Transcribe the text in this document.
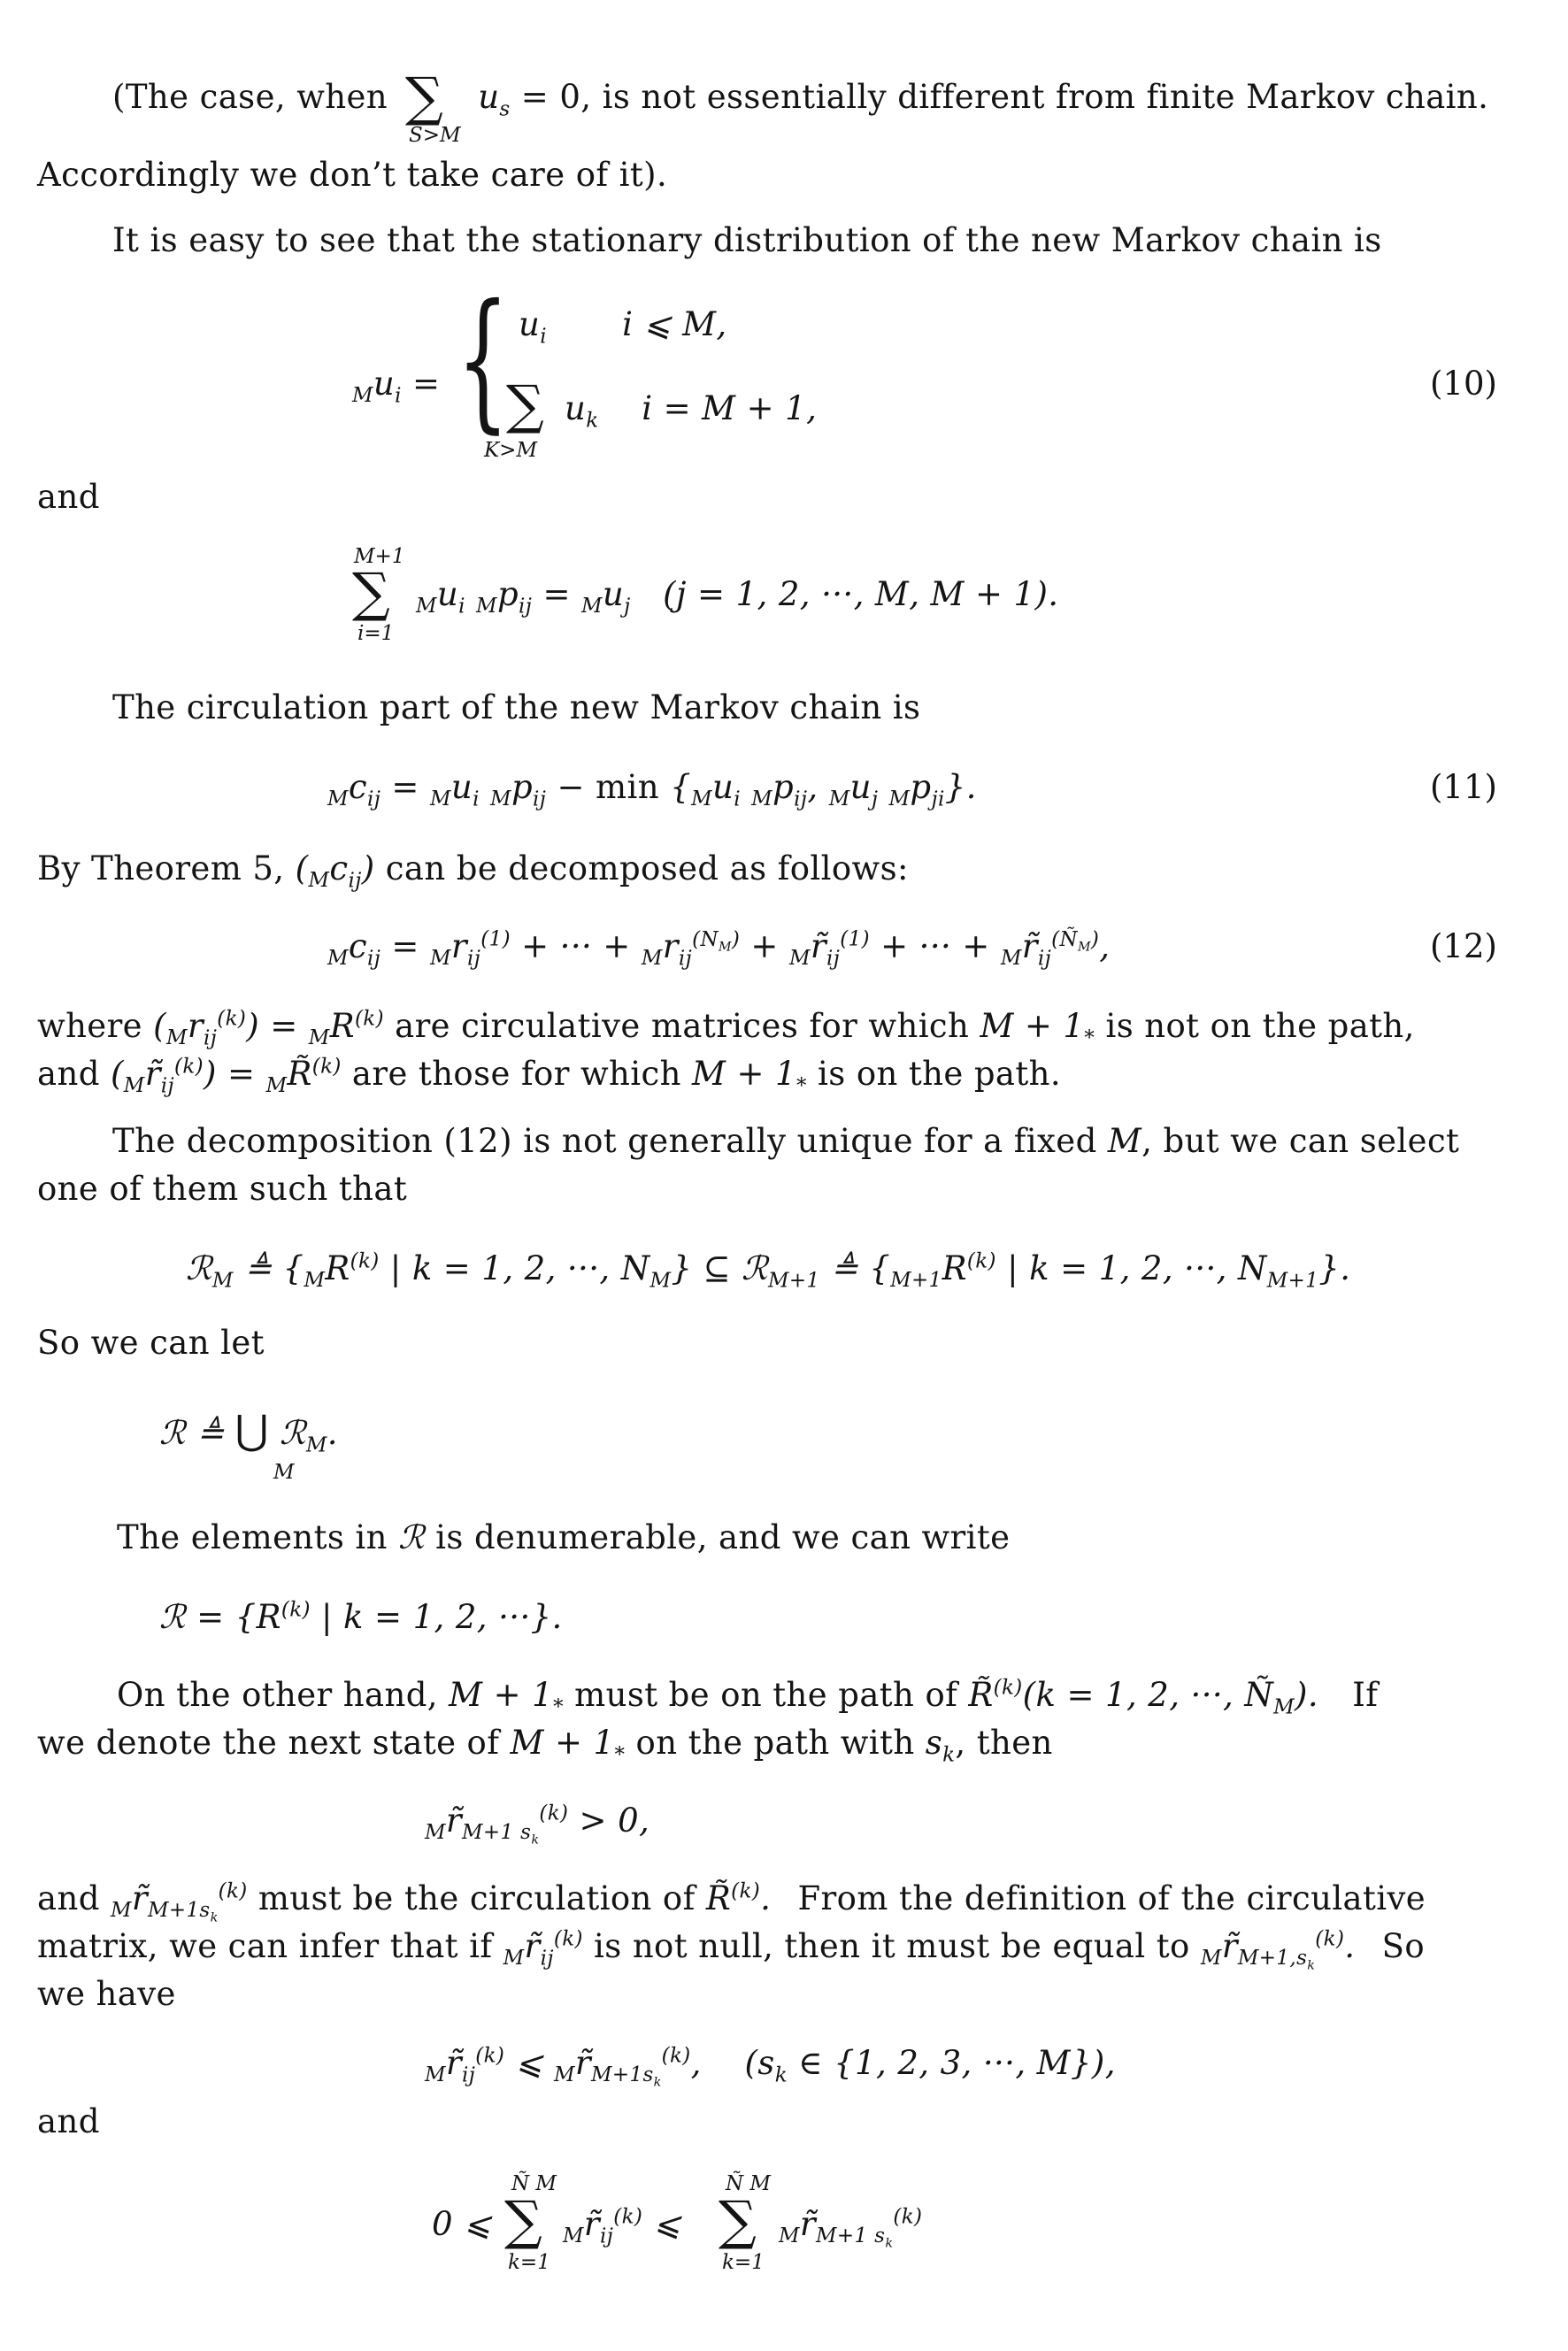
(The case, when	$u_s = 0$, is not essentially different from finite Markov chain.
∑
S>M
Accordingly we don’t take care of it).
It is easy to see that the stationary distribution of the new Markov chain is
$_Mu_i$ = { $u_i$       i ⩽ M,
∑ $u_k$    i = M + 1,
K>M
(10)
and
M+1
∑
i=1
$_Mu_i$ $_Mp_{ij} = _Mu_j$ (j = 1, 2, ···, M, M + 1).
The circulation part of the new Markov chain is
$_Mc_{ij} = _Mu_i$ $_Mp_{ij} - \min \{_Mu_i$ $_Mp_{ij}$, $_Mu_j$ $_Mp_{ji}$}.	(11)
By Theorem 5, $(_Mc_{ij})$ can be decomposed as follows:
$_Mc_{ij} = _Mr_{ij}^{(1)}$ + ··· + $_Mr_{ij}^{(N_M)}$ + $_Mr̃_{ij}^{(1)}$ + ··· + $_Mr̃_{ij}^{(Ñ_M)}$,	(12)
where $(_Mr_{ij}^{(k)}) = _MR^{(k)}$ are circulative matrices for which $M + 1_*$ is not on the path,
and $(_Mr̃_{ij}^{(k)})$ = $_M$R̃$^{(k)}$ are those for which $M + 1_*$ is on the path.
The decomposition (12) is not generally unique for a fixed M, but we can select
one of them such that
ℛ$_M$ ≜ {$_MR^{(k)}$ | k = 1, 2, ···, $N_M$} ⊆ ℛ$_{M+1}$ ≜ {$_{M+1}R^{(k)}$ | k = 1, 2, ···, $N_{M+1}$}.
So we can let
ℛ ≜ ⋃ ℛ$_M$.
M
The elements in ℛ is denumerable, and we can write
ℛ = {$R^{(k)}$ | k = 1, 2, ···}.
On the other hand, $M + 1_*$ must be on the path of R̃$^{(k)}$(k = 1, 2, ···, $Ñ_M$). If
we denote the next state of $M + 1_*$ on the path with $s_k$, then
$_Mr̃_{M+1 s_k}^{(k)} > 0$,
and $_Mr̃_{M+1s_k}^{(k)}$ must be the circulation of R̃$^{(k)}$. From the definition of the circulative
matrix, we can infer that if $_Mr̃_{ij}^{(k)}$ is not null, then it must be equal to $_Mr̃_{M+1,s_k}^{(k)}$. So
we have
$_Mr̃_{ij}^{(k)}$ ⩽ $_Mr̃_{M+1s_k}^{(k)}$,    ($s_k$ ∈ {1, 2, 3, ···, M}),
and
Ñ M
0 ⩽ ∑
k=1
$_Mr̃_{ij}^{(k)}$ ⩽
Ñ M
∑
k=1
$_Mr̃_{M+1 s_k}^{(k)}$
